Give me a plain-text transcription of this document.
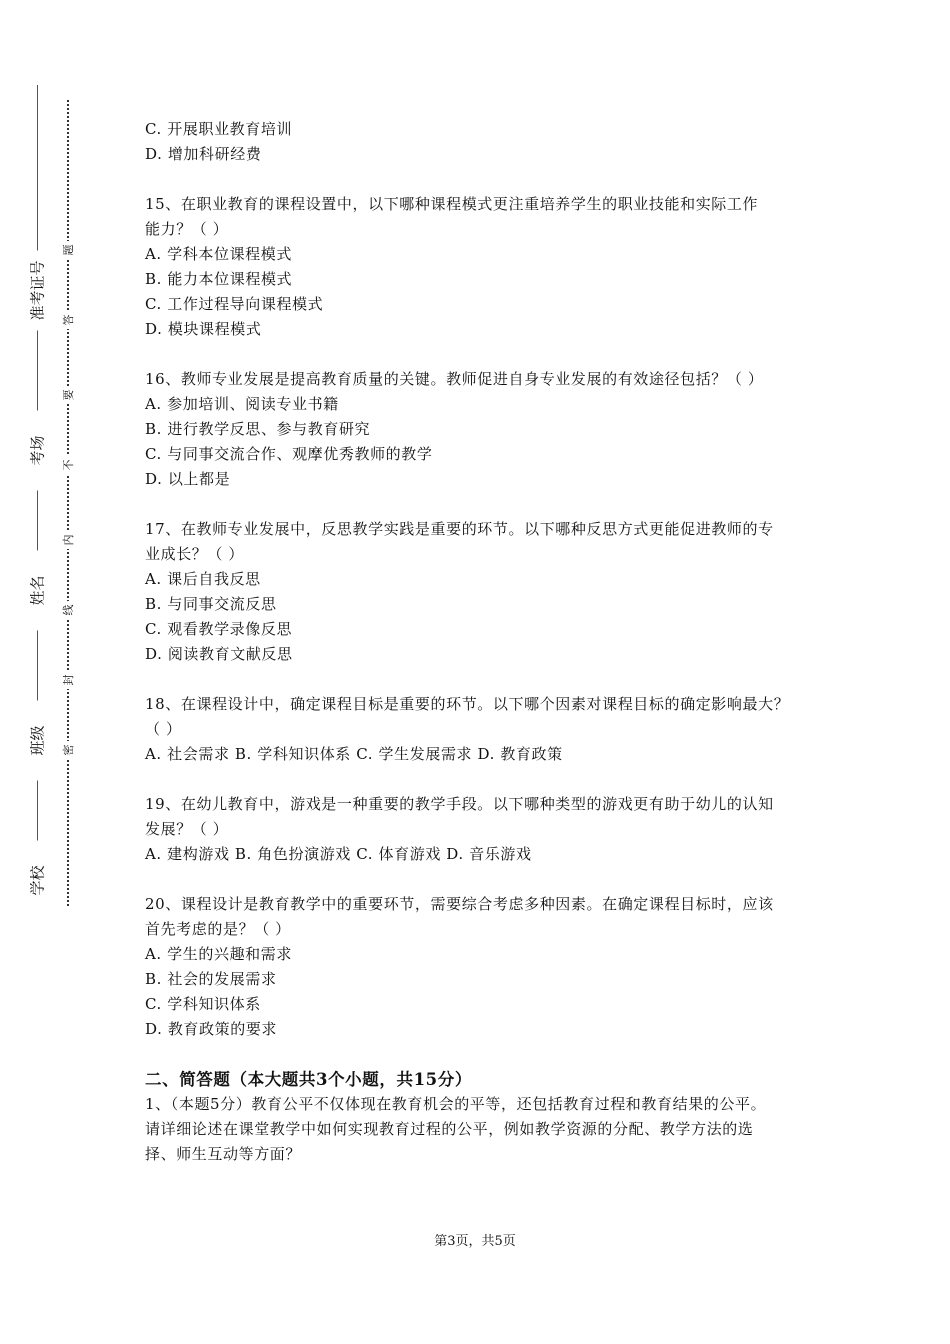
准考证号
考场
姓名
班级
学校
题
答
要
不
内
线
封
密
C. 开展职业教育培训
D. 增加科研经费
15、在职业教育的课程设置中，以下哪种课程模式更注重培养学生的职业技能和实际工作
能力？（ ）
A. 学科本位课程模式
B. 能力本位课程模式
C. 工作过程导向课程模式
D. 模块课程模式
16、教师专业发展是提高教育质量的关键。教师促进自身专业发展的有效途径包括？（ ）
A. 参加培训、阅读专业书籍
B. 进行教学反思、参与教育研究
C. 与同事交流合作、观摩优秀教师的教学
D. 以上都是
17、在教师专业发展中，反思教学实践是重要的环节。以下哪种反思方式更能促进教师的专
业成长？（ ）
A. 课后自我反思
B. 与同事交流反思
C. 观看教学录像反思
D. 阅读教育文献反思
18、在课程设计中，确定课程目标是重要的环节。以下哪个因素对课程目标的确定影响最大？
（ ）
A. 社会需求 B. 学科知识体系 C. 学生发展需求 D. 教育政策
19、在幼儿教育中，游戏是一种重要的教学手段。以下哪种类型的游戏更有助于幼儿的认知
发展？（ ）
A. 建构游戏 B. 角色扮演游戏 C. 体育游戏 D. 音乐游戏
20、课程设计是教育教学中的重要环节，需要综合考虑多种因素。在确定课程目标时，应该
首先考虑的是？（ ）
A. 学生的兴趣和需求
B. 社会的发展需求
C. 学科知识体系
D. 教育政策的要求
二、简答题（本大题共3个小题，共15分）
1、（本题5分）教育公平不仅体现在教育机会的平等，还包括教育过程和教育结果的公平。
请详细论述在课堂教学中如何实现教育过程的公平，例如教学资源的分配、教学方法的选
择、师生互动等方面？
第3页，共5页
